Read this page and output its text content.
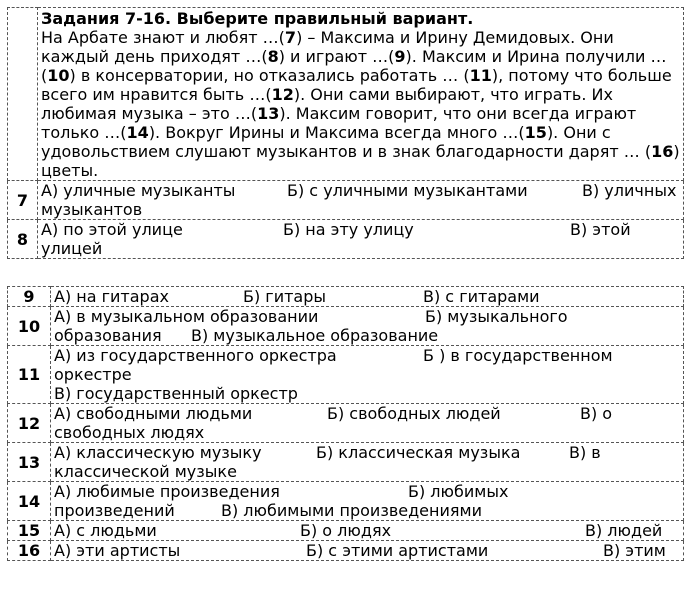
	Задания 7-16. Выберите правильный вариант.
На Арбате знают и любят …(7) – Максима и Ирину Демидовых. Они каждый день приходят …(8) и играют …(9). Максим и Ирина получили … (10) в консерватории, но отказались работать … (11), потому что больше всего им нравится быть …(12). Они сами выбирают, что играть. Их любимая музыка – это …(13). Максим говорит, что они всегда играют только …(14). Вокруг Ирины и Максима всегда много …(15). Они с удовольствием слушают музыкантов и в знак благодарности дарят … (16) цветы.

7	А) уличные музыканты Б) с уличными музыкантами В) уличных
музыкантов

8	А) по этой улице Б) на эту улицу В) этой
улицей
9	А) на гитарах Б) гитары В) с гитарами

10	А) в музыкальном образовании Б) музыкального
образования В) музыкальное образование

11	А) из государственного оркестра Б ) в государственном
оркестре
В) государственный оркестр

12	А) свободными людьми Б) свободных людей В) о
свободных людях

13	А) классическую музыку Б) классическая музыка В) в
классической музыке

14	А) любимые произведения Б) любимых
произведений В) любимыми произведениями

15	А) с людьми Б) о людях В) людей

16	А) эти артисты Б) с этими артистами В) этим
